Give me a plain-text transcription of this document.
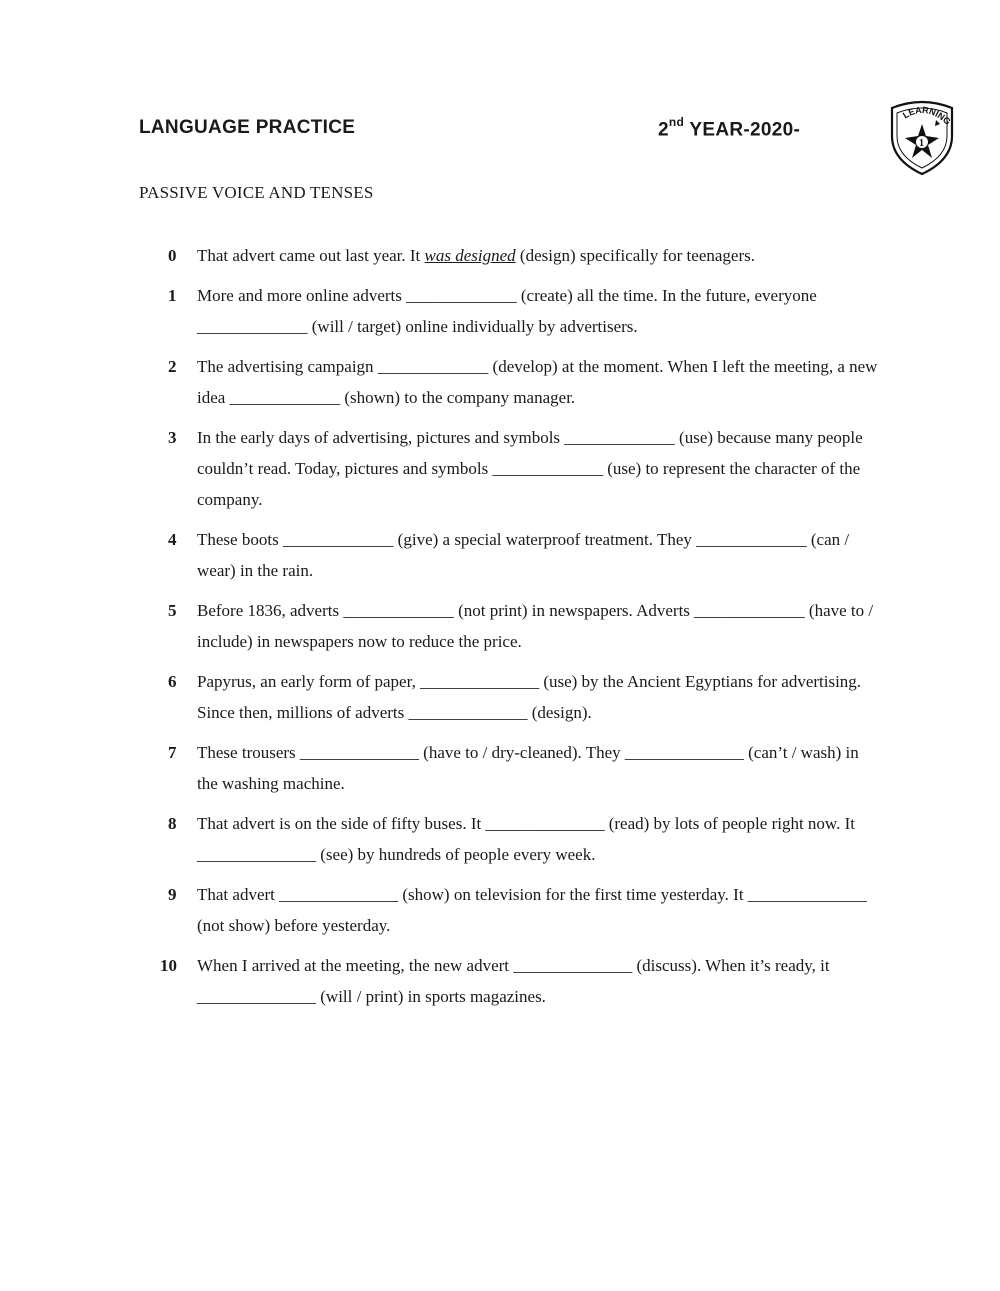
LANGUAGE PRACTICE	2nd YEAR-2020-
LEARNING
1
PASSIVE VOICE AND TENSES
0	That advert came out last year. It was designed (design) specifically for teenagers.
1	More and more online adverts _____________ (create) all the time. In the future, everyone _____________ (will / target) online individually by advertisers.
2	The advertising campaign _____________ (develop) at the moment. When I left the meeting, a new idea _____________ (shown) to the company manager.
3	In the early days of advertising, pictures and symbols _____________ (use) because many people couldn’t read. Today, pictures and symbols _____________ (use) to represent the character of the company.
4	These boots _____________ (give) a special waterproof treatment. They _____________ (can / wear) in the rain.
5	Before 1836, adverts _____________ (not print) in newspapers. Adverts _____________ (have to / include) in newspapers now to reduce the price.
6	Papyrus, an early form of paper, ______________ (use) by the Ancient Egyptians for advertising. Since then, millions of adverts ______________ (design).
7	These trousers ______________ (have to / dry-cleaned). They ______________ (can’t / wash) in the washing machine.
8	That advert is on the side of fifty buses. It ______________ (read) by lots of people right now. It ______________ (see) by hundreds of people every week.
9	That advert ______________ (show) on television for the first time yesterday. It ______________ (not show) before yesterday.
10	When I arrived at the meeting, the new advert ______________ (discuss). When it’s ready, it ______________ (will / print) in sports magazines.
